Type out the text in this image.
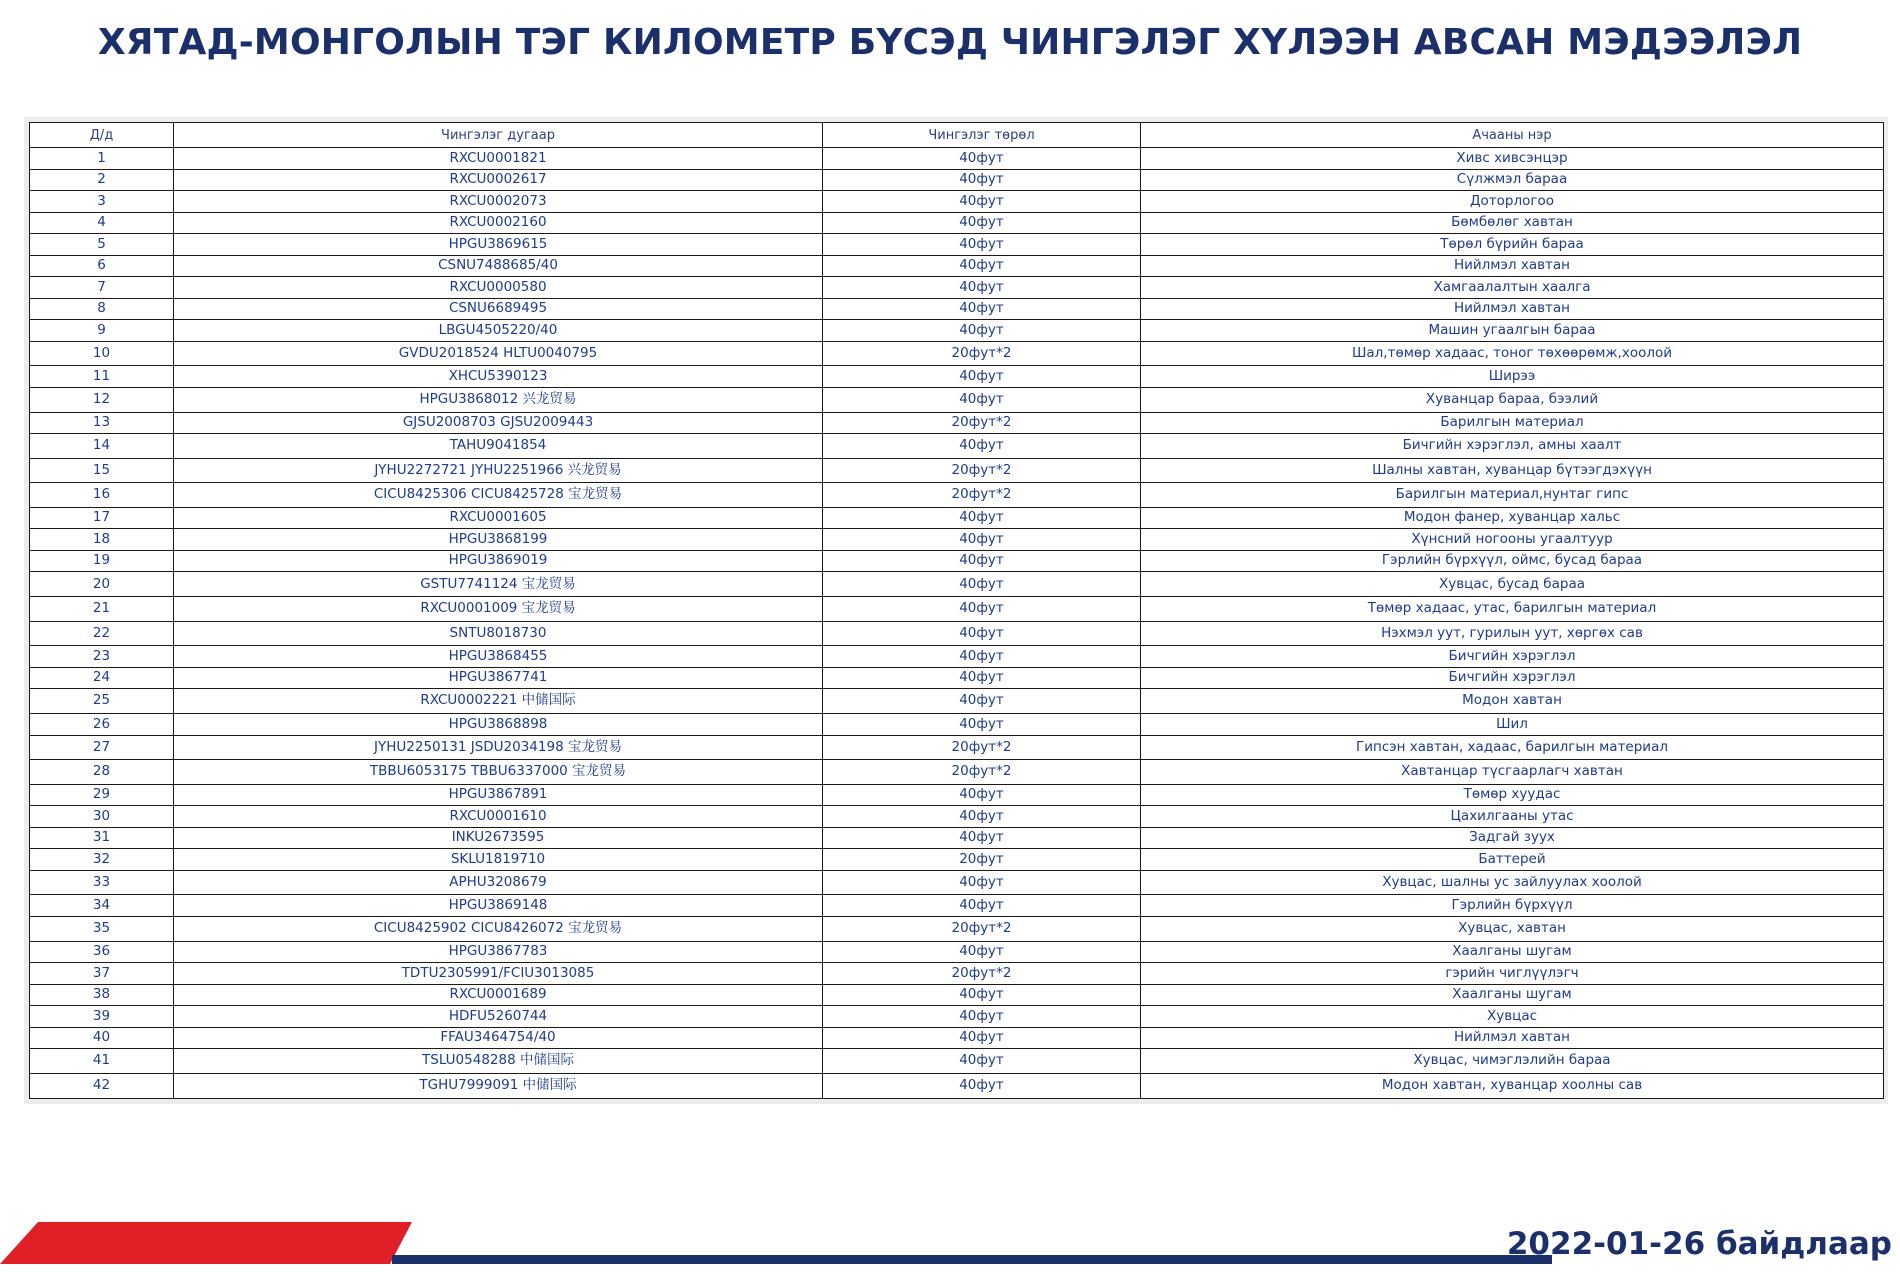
ХЯТАД-МОНГОЛЫН ТЭГ КИЛОМЕТР БҮСЭД ЧИНГЭЛЭГ ХҮЛЭЭН АВСАН МЭДЭЭЛЭЛ
Д/д	Чингэлэг дугаар	Чингэлэг төрөл	Ачааны нэр
1	RXCU0001821	40фут	Хивс хивсэнцэр
2	RXCU0002617	40фут	Сүлжмэл бараа
3	RXCU0002073	40фут	Доторлогоо
4	RXCU0002160	40фут	Бөмбөлөг хавтан
5	HPGU3869615	40фут	Төрөл бүрийн бараа
6	CSNU7488685/40	40фут	Нийлмэл хавтан
7	RXCU0000580	40фут	Хамгаалалтын хаалга
8	CSNU6689495	40фут	Нийлмэл хавтан
9	LBGU4505220/40	40фут	Машин угаалгын бараа
10	GVDU2018524 HLTU0040795	20фут*2	Шал,төмөр хадаас, тоног төхөөрөмж,хоолой
11	XHCU5390123	40фут	Ширээ
12	HPGU3868012 兴龙贸易	40фут	Хуванцар бараа, бээлий
13	GJSU2008703 GJSU2009443	20фут*2	Барилгын материал
14	TAHU9041854	40фут	Бичгийн хэрэглэл, амны хаалт
15	JYHU2272721 JYHU2251966 兴龙贸易	20фут*2	Шалны хавтан, хуванцар бүтээгдэхүүн
16	CICU8425306 CICU8425728 宝龙贸易	20фут*2	Барилгын материал,нунтаг гипс
17	RXCU0001605	40фут	Модон фанер, хуванцар хальс
18	HPGU3868199	40фут	Хүнсний ногооны угаалтуур
19	HPGU3869019	40фут	Гэрлийн бүрхүүл, оймс, бусад бараа
20	GSTU7741124 宝龙贸易	40фут	Хувцас, бусад бараа
21	RXCU0001009 宝龙贸易	40фут	Төмөр хадаас, утас, барилгын материал
22	SNTU8018730	40фут	Нэхмэл уут, гурилын уут, хөргөх сав
23	HPGU3868455	40фут	Бичгийн хэрэглэл
24	HPGU3867741	40фут	Бичгийн хэрэглэл
25	RXCU0002221 中储国际	40фут	Модон хавтан
26	HPGU3868898	40фут	Шил
27	JYHU2250131 JSDU2034198 宝龙贸易	20фут*2	Гипсэн хавтан, хадаас, барилгын материал
28	TBBU6053175 TBBU6337000 宝龙贸易	20фут*2	Хавтанцар түсгаарлагч хавтан
29	HPGU3867891	40фут	Төмөр хуудас
30	RXCU0001610	40фут	Цахилгааны утас
31	INKU2673595	40фут	Задгай зуух
32	SKLU1819710	20фут	Баттерей
33	APHU3208679	40фут	Хувцас, шалны ус зайлуулах хоолой
34	HPGU3869148	40фут	Гэрлийн бүрхүүл
35	CICU8425902 CICU8426072 宝龙贸易	20фут*2	Хувцас, хавтан
36	HPGU3867783	40фут	Хаалганы шугам
37	TDTU2305991/FCIU3013085	20фут*2	гэрийн чиглүүлэгч
38	RXCU0001689	40фут	Хаалганы шугам
39	HDFU5260744	40фут	Хувцас
40	FFAU3464754/40	40фут	Нийлмэл хавтан
41	TSLU0548288 中储国际	40фут	Хувцас, чимэглэлийн бараа
42	TGHU7999091 中储国际	40фут	Модон хавтан, хуванцар хоолны сав
2022-01-26 байдлаар
